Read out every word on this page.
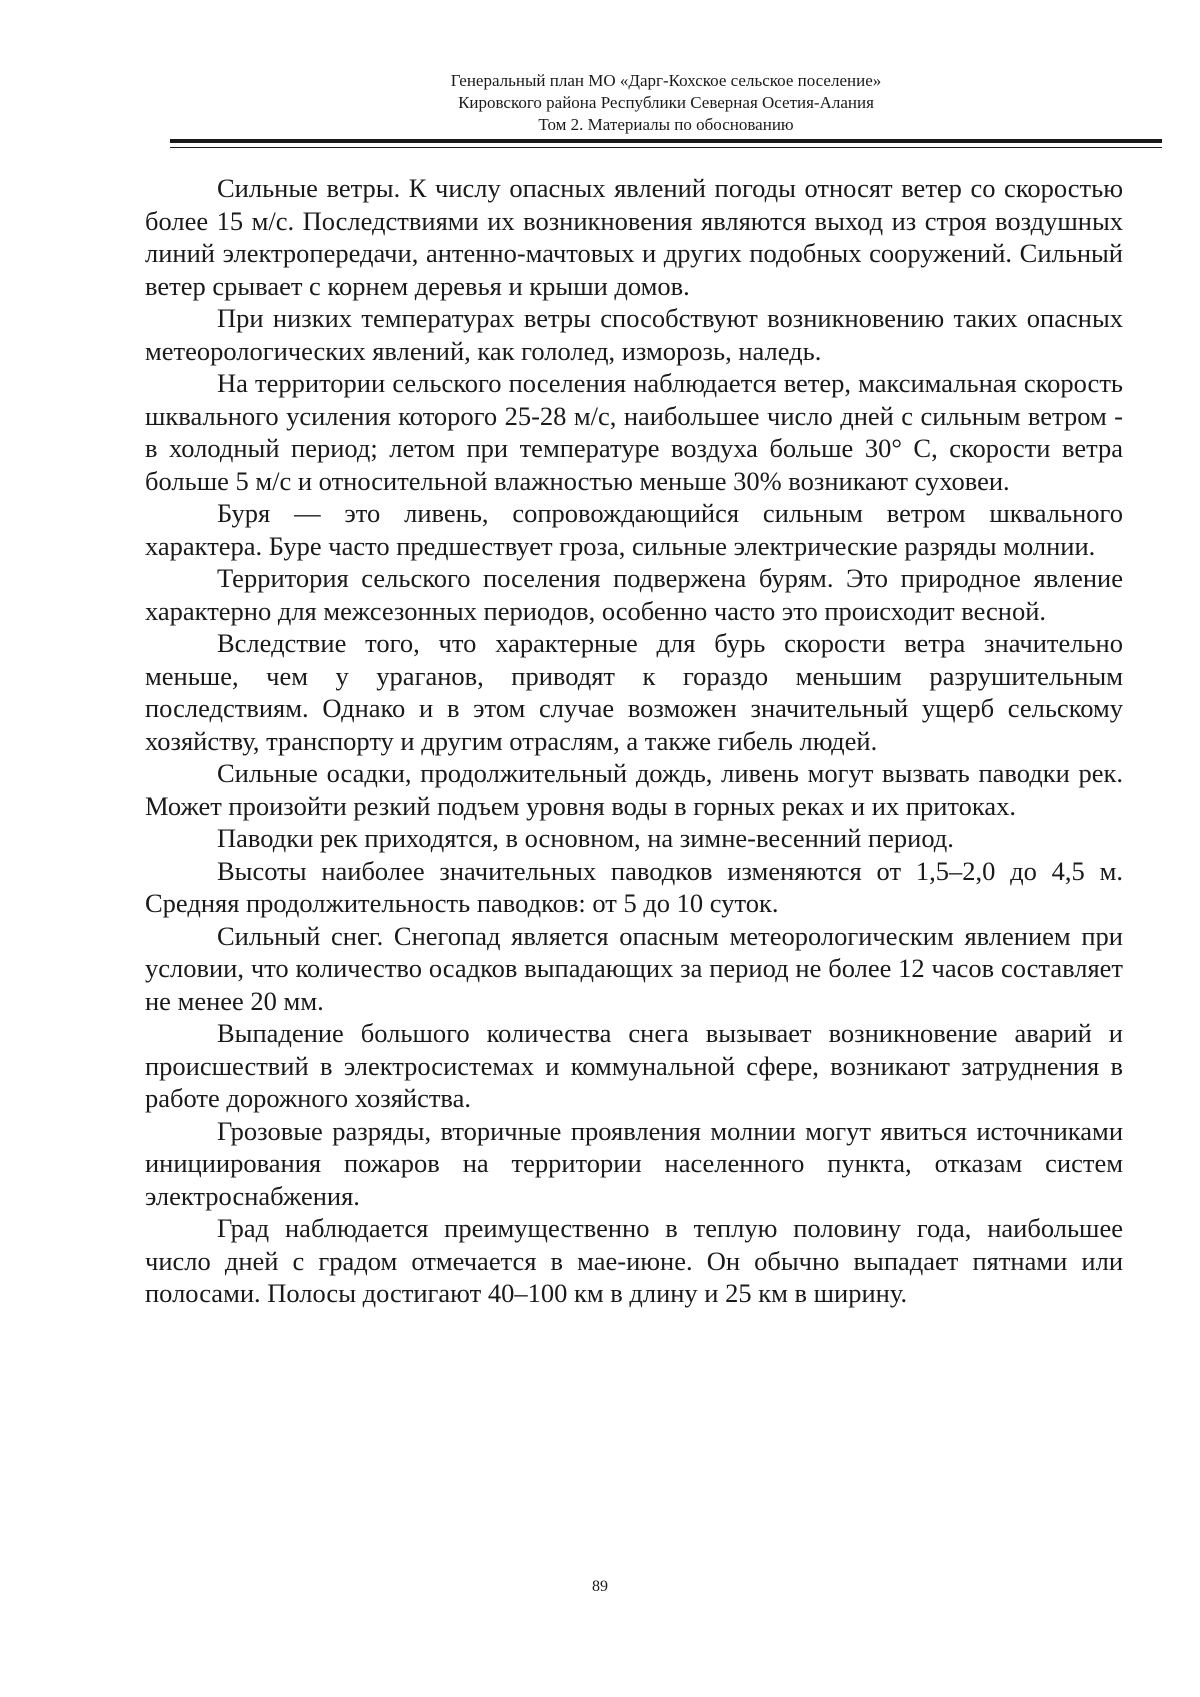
Генеральный план МО «Дарг-Кохское сельское поселение»
Кировского района Республики Северная Осетия-Алания
Том 2. Материалы по обоснованию

Сильные ветры. К числу опасных явлений погоды относят ветер со скоростью более 15 м/с. Последствиями их возникновения являются выход из строя воздушных линий электропередачи, антенно-мачтовых и других подобных сооружений. Сильный ветер срывает с корнем деревья и крыши домов.

При низких температурах ветры способствуют возникновению таких опасных метеорологических явлений, как гололед, изморозь, наледь.

На территории сельского поселения наблюдается ветер, максимальная скорость шквального усиления которого 25-28 м/с, наибольшее число дней с сильным ветром - в холодный период; летом при температуре воздуха больше 30° С, скорости ветра больше 5 м/с и относительной влажностью меньше 30% возникают суховеи.

Буря — это ливень, сопровождающийся сильным ветром шквального характера. Буре часто предшествует гроза, сильные электрические разряды молнии.

Территория сельского поселения подвержена бурям. Это природное явление характерно для межсезонных периодов, особенно часто это происходит весной.

Вследствие того, что характерные для бурь скорости ветра значительно меньше, чем у ураганов, приводят к гораздо меньшим разрушительным последствиям. Однако и в этом случае возможен значительный ущерб сельскому хозяйству, транспорту и другим отраслям, а также гибель людей.

Сильные осадки, продолжительный дождь, ливень могут вызвать паводки рек. Может произойти резкий подъем уровня воды в горных реках и их притоках.

Паводки рек приходятся, в основном, на зимне-весенний период.

Высоты наиболее значительных паводков изменяются от 1,5–2,0 до 4,5 м. Средняя продолжительность паводков: от 5 до 10 суток.

Сильный снег. Снегопад является опасным метеорологическим явлением при условии, что количество осадков выпадающих за период не более 12 часов составляет не менее 20 мм.

Выпадение большого количества снега вызывает возникновение аварий и происшествий в электросистемах и коммунальной сфере, возникают затруднения в работе дорожного хозяйства.

Грозовые разряды, вторичные проявления молнии могут явиться источниками инициирования пожаров на территории населенного пункта, отказам систем электроснабжения.

Град наблюдается преимущественно в теплую половину года, наибольшее число дней с градом отмечается в мае-июне. Он обычно выпадает пятнами или полосами. Полосы достигают 40–100 км в длину и 25 км в ширину.

89
